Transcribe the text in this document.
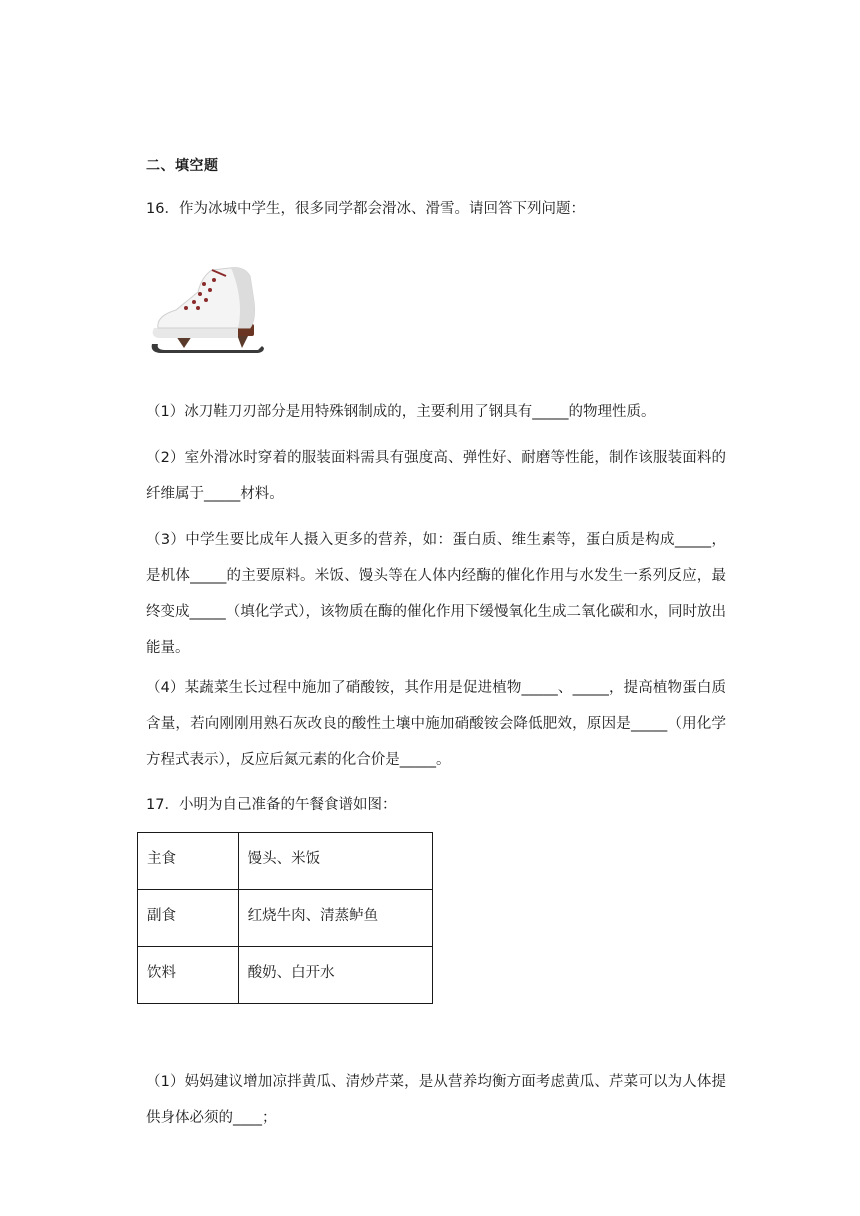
二、填空题
16．作为冰城中学生，很多同学都会滑冰、滑雪。请回答下列问题：
（1）冰刀鞋刀刃部分是用特殊钢制成的，主要利用了钢具有_____的物理性质。
（2）室外滑冰时穿着的服装面料需具有强度高、弹性好、耐磨等性能，制作该服装面料的纤维属于_____材料。
（3）中学生要比成年人摄入更多的营养，如：蛋白质、维生素等，蛋白质是构成_____，是机体_____的主要原料。米饭、馒头等在人体内经酶的催化作用与水发生一系列反应，最终变成_____（填化学式），该物质在酶的催化作用下缓慢氧化生成二氧化碳和水，同时放出能量。
（4）某蔬菜生长过程中施加了硝酸铵，其作用是促进植物_____、_____，提高植物蛋白质含量，若向刚刚用熟石灰改良的酸性土壤中施加硝酸铵会降低肥效，原因是_____（用化学方程式表示），反应后氮元素的化合价是_____。
17．小明为自己准备的午餐食谱如图：
主食	馒头、米饭
副食	红烧牛肉、清蒸鲈鱼
饮料	酸奶、白开水
（1）妈妈建议增加凉拌黄瓜、清炒芹菜，是从营养均衡方面考虑黄瓜、芹菜可以为人体提供身体必须的____；
